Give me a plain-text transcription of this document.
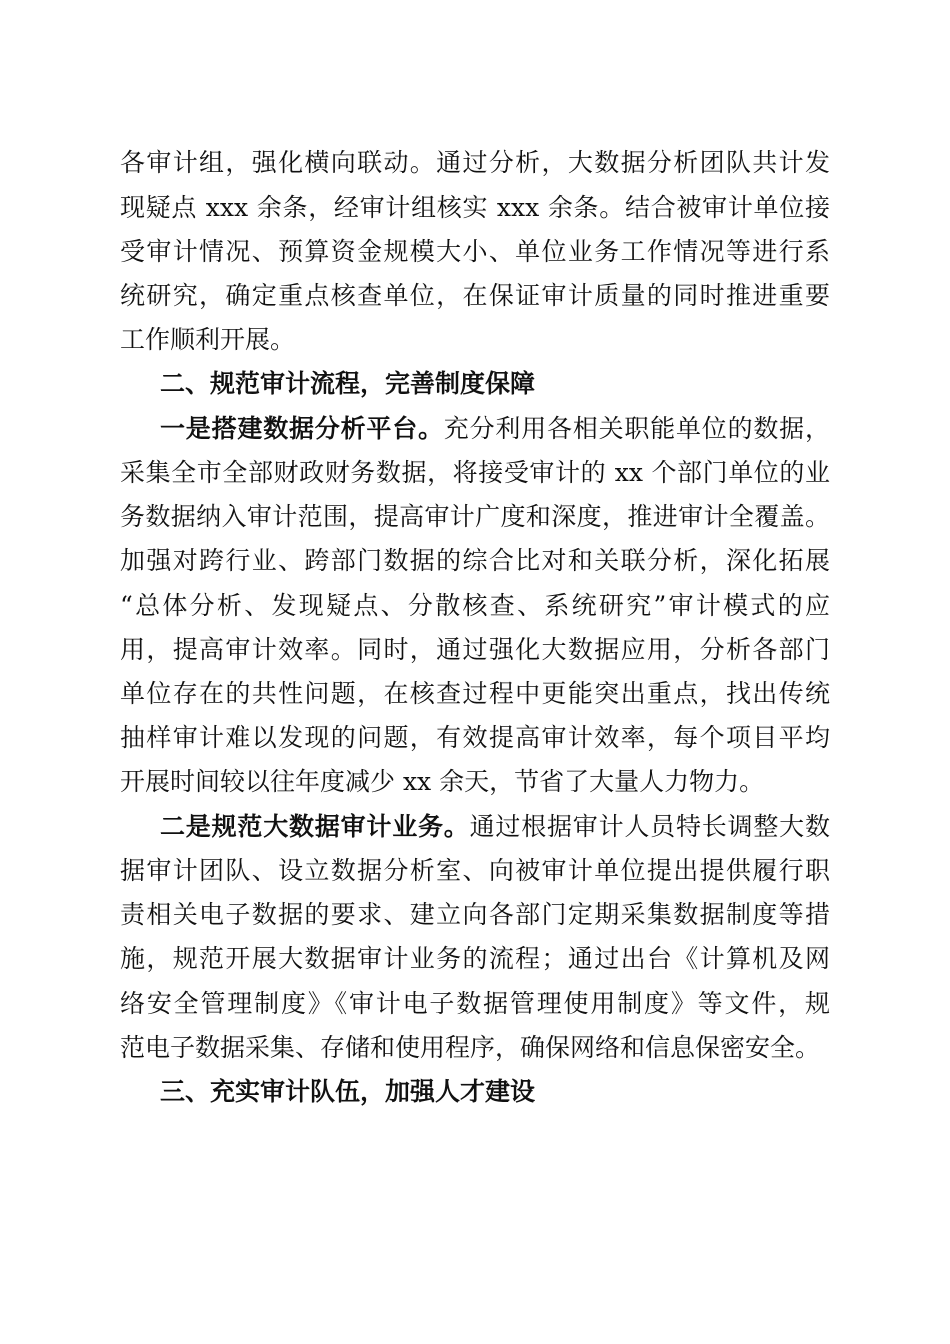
各审计组，强化横向联动。通过分析，大数据分析团队共计发
现疑点 xxx 余条，经审计组核实 xxx 余条。结合被审计单位接
受审计情况、预算资金规模大小、单位业务工作情况等进行系
统研究，确定重点核查单位，在保证审计质量的同时推进重要
工作顺利开展。
二、规范审计流程，完善制度保障
一是搭建数据分析平台。充分利用各相关职能单位的数据，
采集全市全部财政财务数据，将接受审计的 xx 个部门单位的业
务数据纳入审计范围，提高审计广度和深度，推进审计全覆盖。
加强对跨行业、跨部门数据的综合比对和关联分析，深化拓展
“总体分析、发现疑点、分散核查、系统研究”审计模式的应
用，提高审计效率。同时，通过强化大数据应用，分析各部门
单位存在的共性问题，在核查过程中更能突出重点，找出传统
抽样审计难以发现的问题，有效提高审计效率，每个项目平均
开展时间较以往年度减少 xx 余天，节省了大量人力物力。
二是规范大数据审计业务。通过根据审计人员特长调整大数
据审计团队、设立数据分析室、向被审计单位提出提供履行职
责相关电子数据的要求、建立向各部门定期采集数据制度等措
施，规范开展大数据审计业务的流程；通过出台《计算机及网
络安全管理制度》《审计电子数据管理使用制度》等文件，规
范电子数据采集、存储和使用程序，确保网络和信息保密安全。
三、充实审计队伍，加强人才建设
